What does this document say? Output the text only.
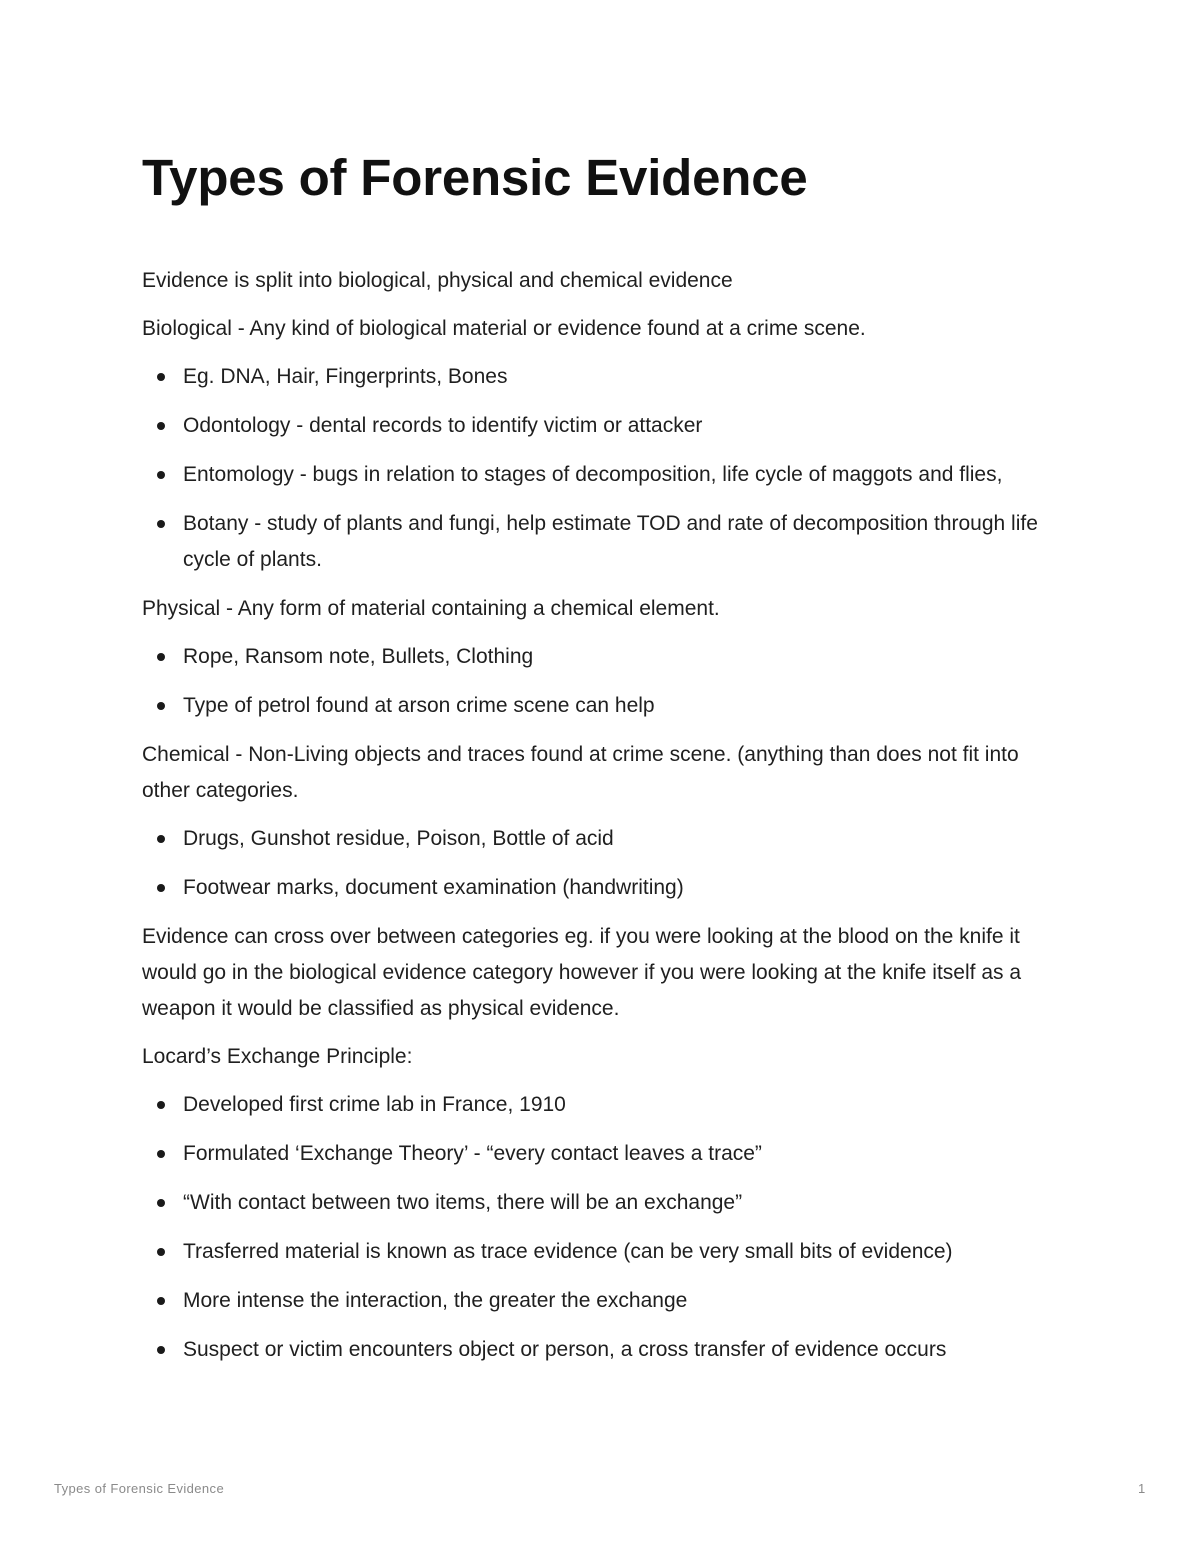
Types of Forensic Evidence

Evidence is split into biological, physical and chemical evidence

Biological - Any kind of biological material or evidence found at a crime scene.

Eg. DNA, Hair, Fingerprints, Bones
Odontology - dental records to identify victim or attacker
Entomology - bugs in relation to stages of decomposition, life cycle of maggots and flies,
Botany - study of plants and fungi, help estimate TOD and rate of decomposition through life cycle of plants.

Physical - Any form of material containing a chemical element.

Rope, Ransom note, Bullets, Clothing
Type of petrol found at arson crime scene can help

Chemical - Non-Living objects and traces found at crime scene. (anything than does not fit into other categories.

Drugs, Gunshot residue, Poison, Bottle of acid
Footwear marks, document examination (handwriting)

Evidence can cross over between categories eg. if you were looking at the blood on the knife it would go in the biological evidence category however if you were looking at the knife itself as a weapon it would be classified as physical evidence.

Locard’s Exchange Principle:

Developed first crime lab in France, 1910
Formulated ‘Exchange Theory’ - “every contact leaves a trace”
“With contact between two items, there will be an exchange”
Trasferred material is known as trace evidence (can be very small bits of evidence)
More intense the interaction, the greater the exchange
Suspect or victim encounters object or person, a cross transfer of evidence occurs
Types of Forensic Evidence	1
